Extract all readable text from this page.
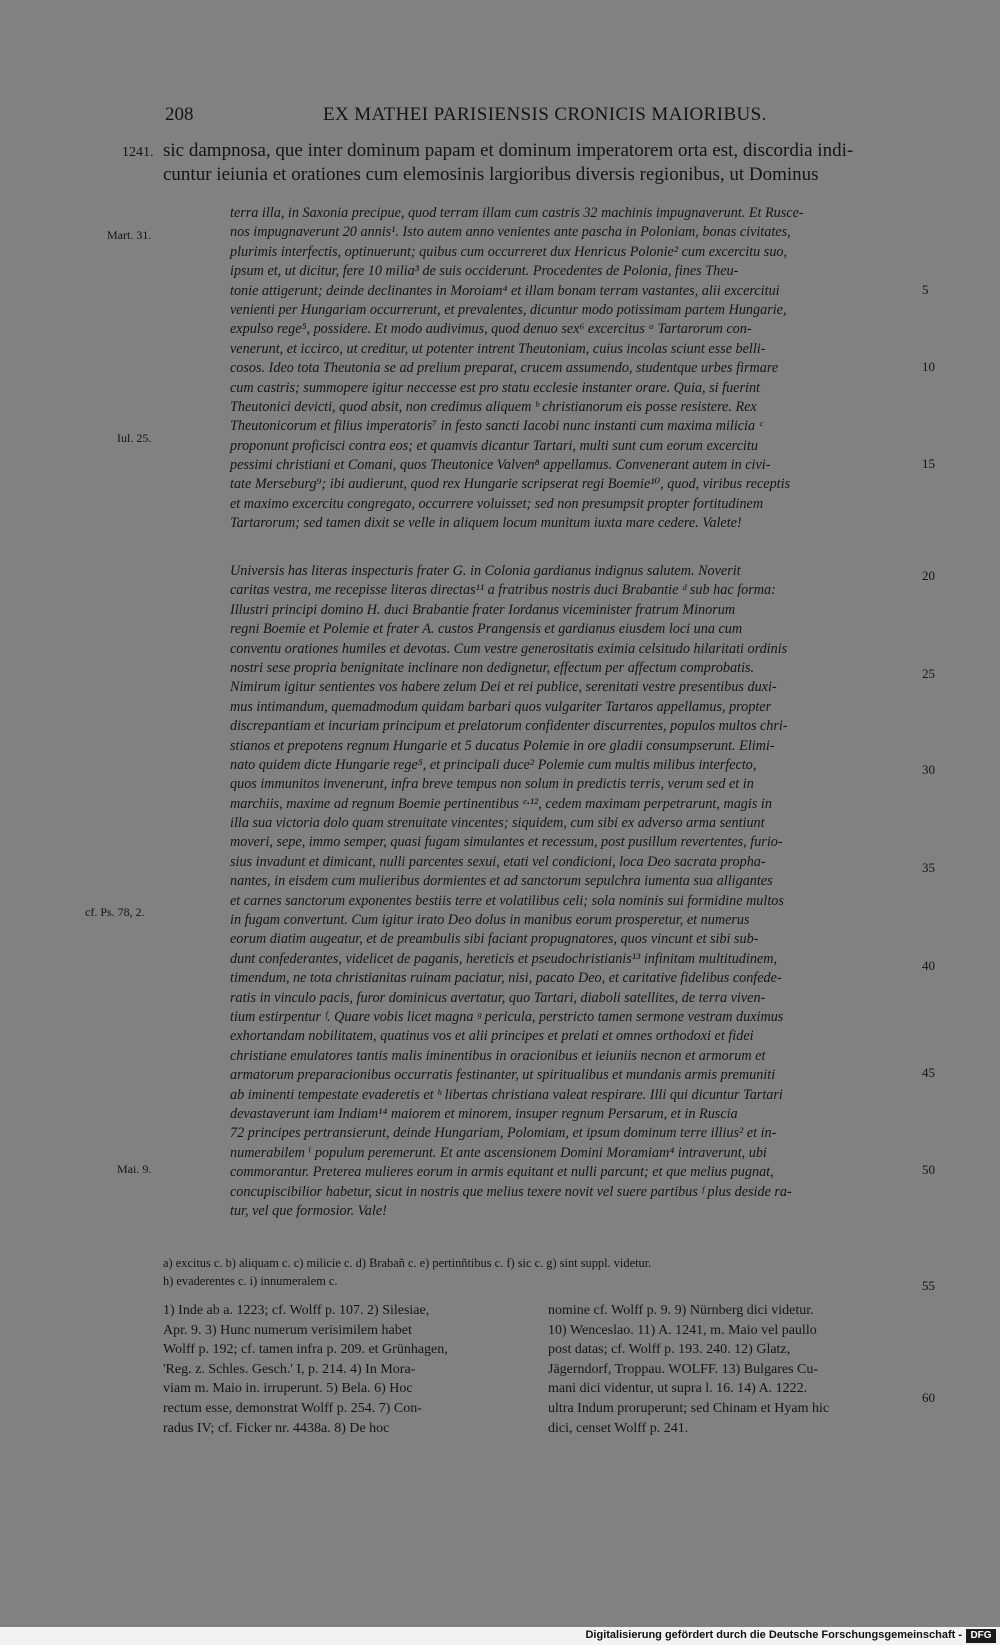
208	EX MATHEI PARISIENSIS CRONICIS MAIORIBUS.
1241. sic dampnosa, que inter dominum papam et dominum imperatorem orta est, discordia indi-
cuntur ieiunia et orationes cum elemosinis largioribus diversis regionibus, ut Dominus
terra illa, in Saxonia precipue, quod terram illam cum castris 32 machinis impugnaverunt. Et Rusce-
nos impugnaverunt 20 annis¹. Isto autem anno venientes ante pascha in Poloniam, bonas civitates,
plurimis interfectis, optinuerunt; quibus cum occurreret dux Henricus Polonie² cum excercitu suo,
ipsum et, ut dicitur, fere 10 milia³ de suis occiderunt. Procedentes de Polonia, fines Theu-
tonie attigerunt; deinde declinantes in Moroiam⁴ et illam bonam terram vastantes, alii excercitui
venienti per Hungariam occurrerunt, et prevalentes, dicuntur modo potissimam partem Hungarie,
expulso rege⁵, possidere. Et modo audivimus, quod denuo sex⁶ excercitus ᵃ Tartarorum con-
venerunt, et iccirco, ut creditur, ut potenter intrent Theutoniam, cuius incolas sciunt esse belli-
cosos. Ideo tota Theutonia se ad prelium preparat, crucem assumendo, studentque urbes firmare
cum castris; summopere igitur neccesse est pro statu ecclesie instanter orare. Quia, si fuerint
Theutonici devicti, quod absit, non credimus aliquem ᵇ christianorum eis posse resistere. Rex
Theutonicorum et filius imperatoris⁷ in festo sancti Iacobi nunc instanti cum maxima milicia ᶜ
proponunt proficisci contra eos; et quamvis dicantur Tartari, multi sunt cum eorum excercitu
pessimi christiani et Comani, quos Theutonice Valven⁸ appellamus. Convenerant autem in civi-
tate Merseburg⁹; ibi audierunt, quod rex Hungarie scripserat regi Boemie¹⁰, quod, viribus receptis
et maximo excercitu congregato, occurrere voluisset; sed non presumpsit propter fortitudinem
Tartarorum; sed tamen dixit se velle in aliquem locum munitum iuxta mare cedere. Valete!
Universis has literas inspecturis frater G. in Colonia gardianus indignus salutem. Noverit
caritas vestra, me recepisse literas directas¹¹ a fratribus nostris duci Brabantie ᵈ sub hac forma:
Illustri principi domino H. duci Brabantie frater Iordanus viceminister fratrum Minorum
regni Boemie et Polemie et frater A. custos Prangensis et gardianus eiusdem loci una cum
conventu orationes humiles et devotas. Cum vestre generositatis eximia celsitudo hilaritati ordinis
nostri sese propria benignitate inclinare non dedignetur, effectum per affectum comprobatis.
Nimirum igitur sentientes vos habere zelum Dei et rei publice, serenitati vestre presentibus duxi-
mus intimandum, quemadmodum quidam barbari quos vulgariter Tartaros appellamus, propter
discrepantiam et incuriam principum et prelatorum confidenter discurrentes, populos multos chri-
stianos et prepotens regnum Hungarie et 5 ducatus Polemie in ore gladii consumpserunt. Elimi-
nato quidem dicte Hungarie rege⁵, et principali duce² Polemie cum multis milibus interfecto,
quos immunitos invenerunt, infra breve tempus non solum in predictis terris, verum sed et in
marchiis, maxime ad regnum Boemie pertinentibus ᵉ·¹², cedem maximam perpetrarunt, magis in
illa sua victoria dolo quam strenuitate vincentes; siquidem, cum sibi ex adverso arma sentiunt
moveri, sepe, immo semper, quasi fugam simulantes et recessum, post pusillum revertentes, furio-
sius invadunt et dimicant, nulli parcentes sexui, etati vel condicioni, loca Deo sacrata propha-
nantes, in eisdem cum mulieribus dormientes et ad sanctorum sepulchra iumenta sua alligantes
et carnes sanctorum exponentes bestiis terre et volatilibus celi; sola nominis sui formidine multos
in fugam convertunt. Cum igitur irato Deo dolus in manibus eorum prosperetur, et numerus
eorum diatim augeatur, et de preambulis sibi faciant propugnatores, quos vincunt et sibi sub-
dunt confederantes, videlicet de paganis, hereticis et pseudochristianis¹³ infinitam multitudinem,
timendum, ne tota christianitas ruinam paciatur, nisi, pacato Deo, et caritative fidelibus confede-
ratis in vinculo pacis, furor dominicus avertatur, quo Tartari, diaboli satellites, de terra viven-
tium estirpentur ᶠ. Quare vobis licet magna ᵍ pericula, perstricto tamen sermone vestram duximus
exhortandam nobilitatem, quatinus vos et alii principes et prelati et omnes orthodoxi et fidei
christiane emulatores tantis malis iminentibus in oracionibus et ieiuniis necnon et armorum et
armatorum preparacionibus occurratis festinanter, ut spiritualibus et mundanis armis premuniti
ab iminenti tempestate evaderetis et ʰ libertas christiana valeat respirare. Illi qui dicuntur Tartari
devastaverunt iam Indiam¹⁴ maiorem et minorem, insuper regnum Persarum, et in Ruscia
72 principes pertransierunt, deinde Hungariam, Polomiam, et ipsum dominum terre illius² et in-
numerabilem ⁱ populum peremerunt. Et ante ascensionem Domini Moramiam⁴ intraverunt, ubi
commorantur. Preterea mulieres eorum in armis equitant et nulli parcunt; et que melius pugnat,
concupiscibilior habetur, sicut in nostris que melius texere novit vel suere partibus ᶠ plus deside ra-
tur, vel que formosior. Vale!
Mart. 31.
Iul. 25.
cf. Ps. 78, 2.
Mai. 9.
5
10
15
20
25
30
35
40
45
50
55
60
a) excitus c. b) aliquam c. c) milicie c. d) Brabañ c. e) pertinñtibus c. f) sic c. g) sint suppl. videtur.
h) evaderentes c. i) innumeralem c.
1) Inde ab a. 1223; cf. Wolff p. 107. 2) Silesiae,
Apr. 9. 3) Hunc numerum verisimilem habet
Wolff p. 192; cf. tamen infra p. 209. et Grünhagen,
'Reg. z. Schles. Gesch.' I, p. 214. 4) In Mora-
viam m. Maio in. irruperunt. 5) Bela. 6) Hoc
rectum esse, demonstrat Wolff p. 254. 7) Con-
radus IV; cf. Ficker nr. 4438a. 8) De hoc
nomine cf. Wolff p. 9. 9) Nürnberg dici videtur.
10) Wenceslao. 11) A. 1241, m. Maio vel paullo
post datas; cf. Wolff p. 193. 240. 12) Glatz,
Jägerndorf, Troppau. WOLFF. 13) Bulgares Cu-
mani dici videntur, ut supra l. 16. 14) A. 1222.
ultra Indum proruperunt; sed Chinam et Hyam hic
dici, censet Wolff p. 241.
Digitalisierung gefördert durch die Deutsche Forschungsgemeinschaft - DFG
